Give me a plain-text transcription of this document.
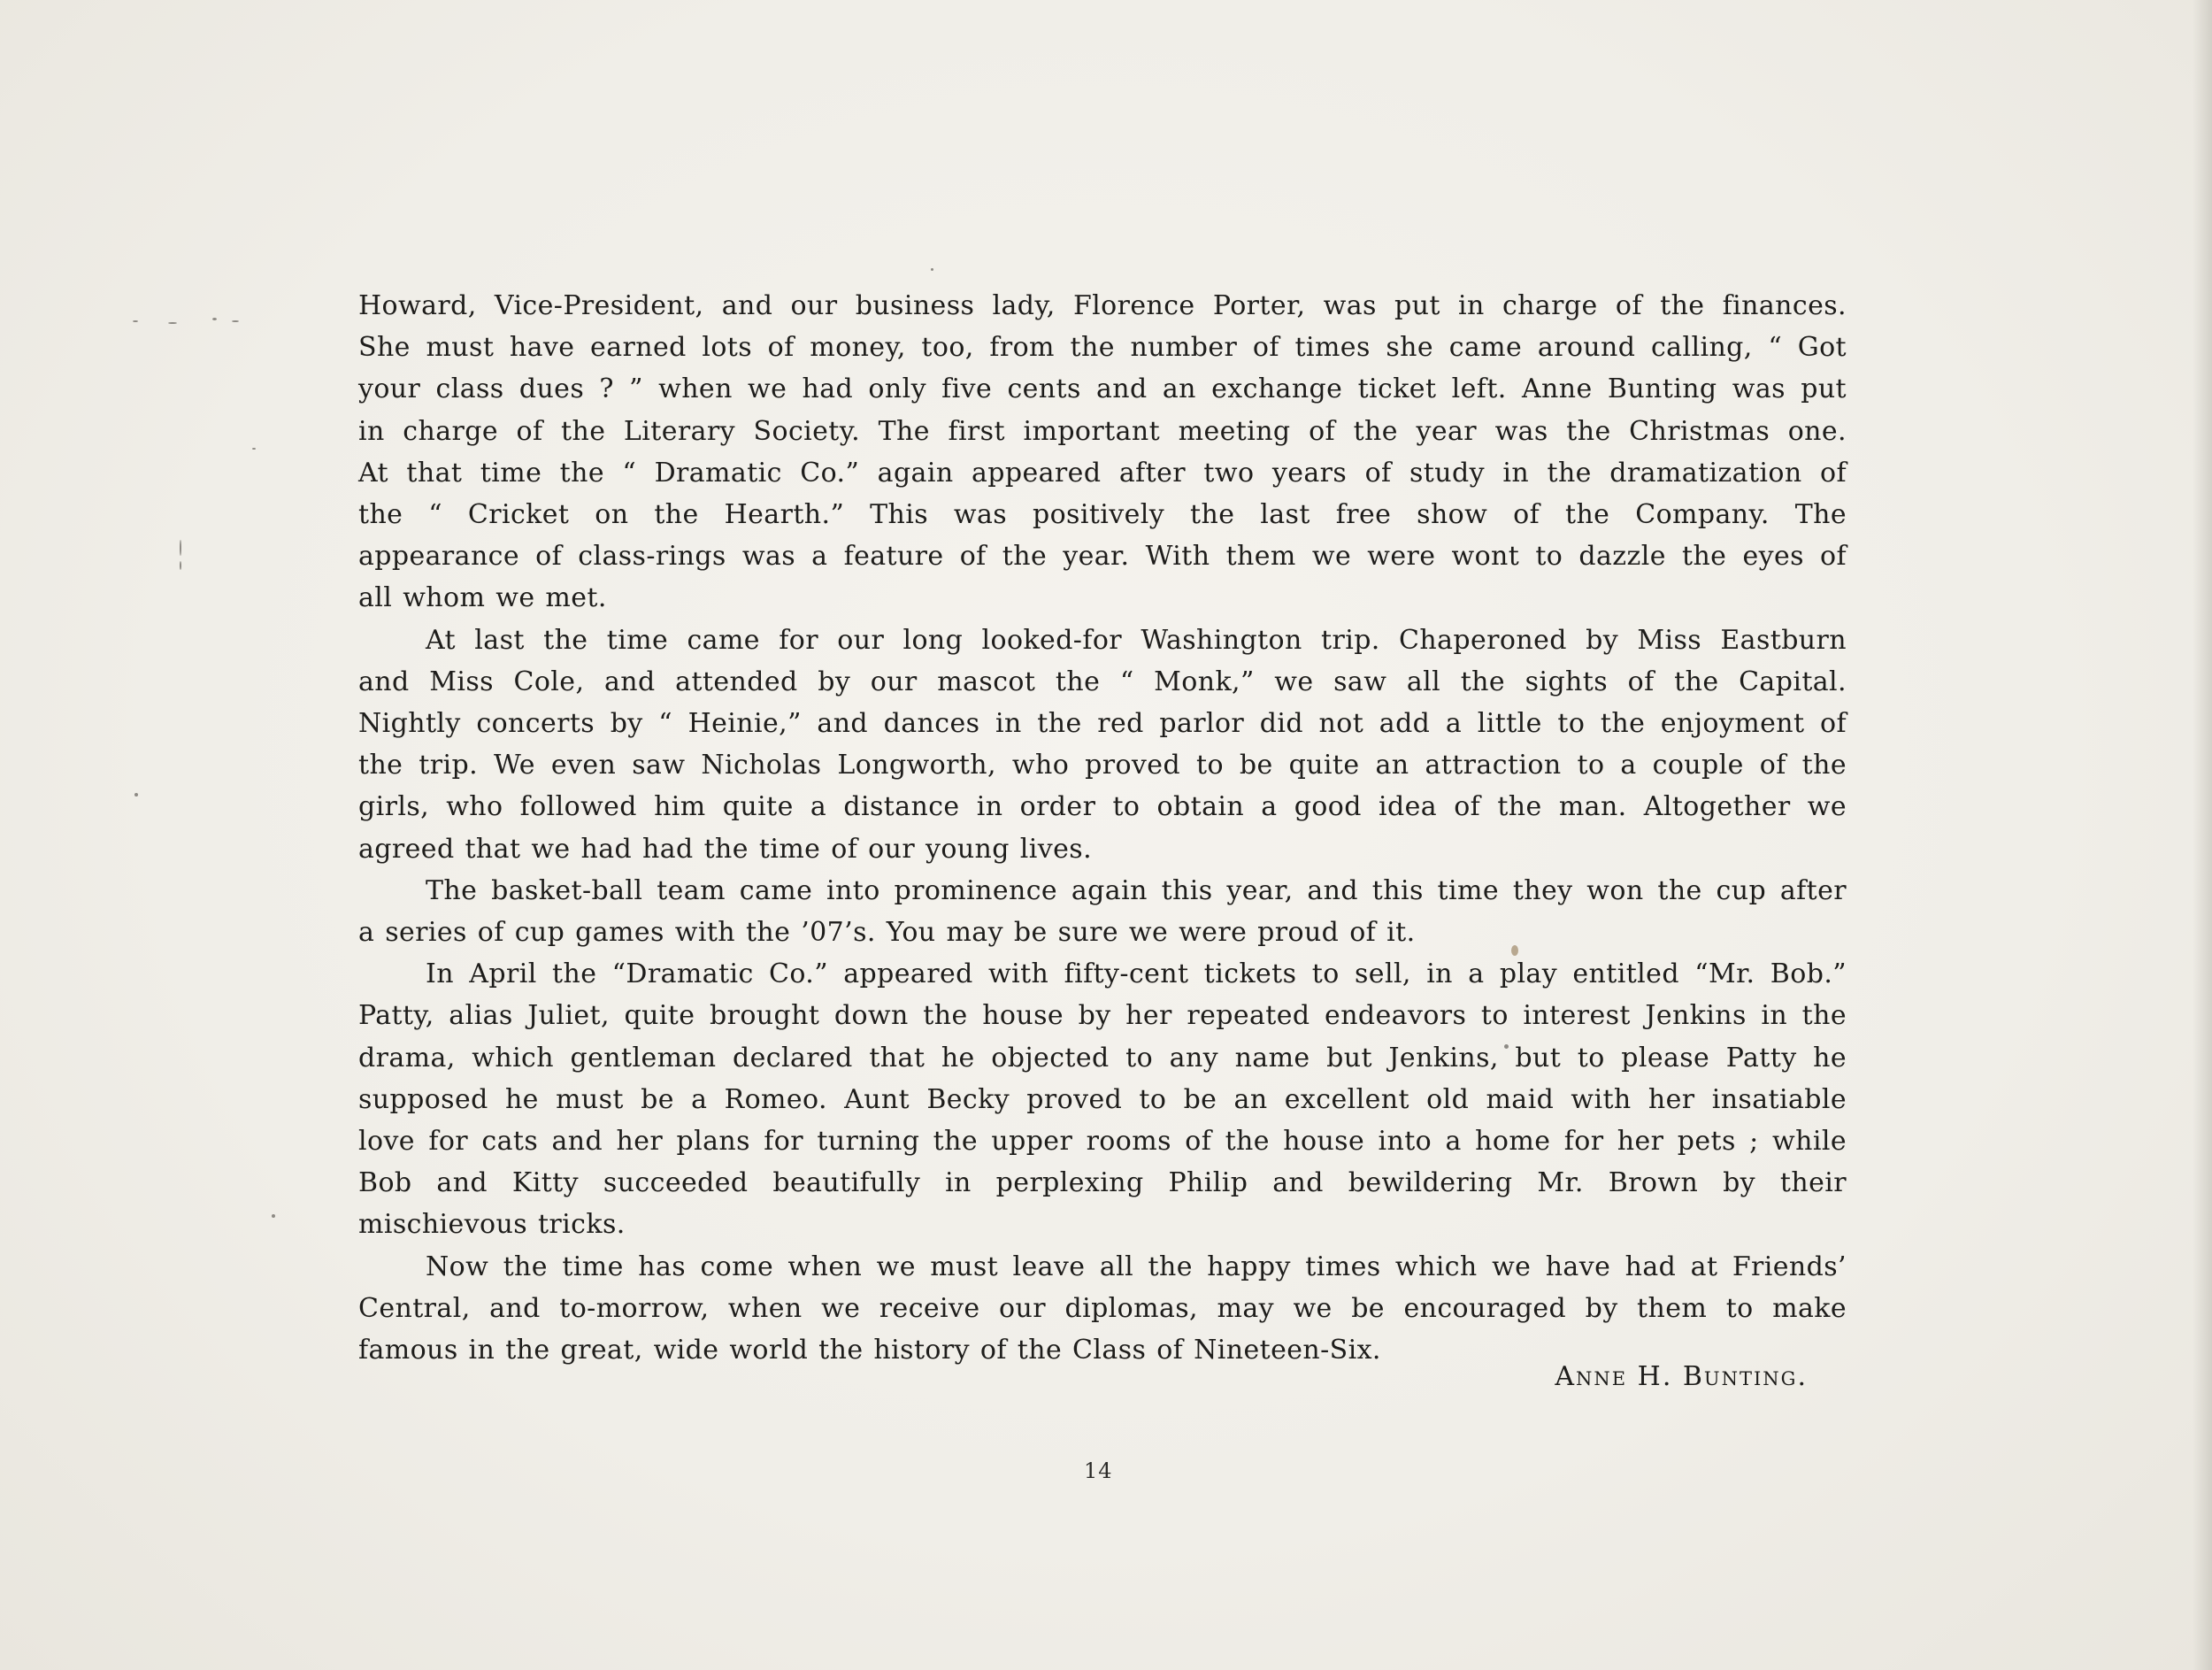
Howard, Vice-President, and our business lady, Florence Porter, was put in charge of the finances.
She must have earned lots of money, too, from the number of times she came around calling, “ Got
your class dues ? ” when we had only five cents and an exchange ticket left. Anne Bunting was put
in charge of the Literary Society. The first important meeting of the year was the Christmas one.
At that time the “ Dramatic Co.” again appeared after two years of study in the dramatization of
the “ Cricket on the Hearth.” This was positively the last free show of the Company. The
appearance of class-rings was a feature of the year. With them we were wont to dazzle the eyes of
all whom we met.

At last the time came for our long looked-for Washington trip. Chaperoned by Miss Eastburn
and Miss Cole, and attended by our mascot the “ Monk,” we saw all the sights of the Capital.
Nightly concerts by “ Heinie,” and dances in the red parlor did not add a little to the enjoyment of
the trip. We even saw Nicholas Longworth, who proved to be quite an attraction to a couple of the
girls, who followed him quite a distance in order to obtain a good idea of the man. Altogether we
agreed that we had had the time of our young lives.

The basket-ball team came into prominence again this year, and this time they won the cup after
a series of cup games with the ’07’s. You may be sure we were proud of it.

In April the “Dramatic Co.” appeared with fifty-cent tickets to sell, in a play entitled “Mr. Bob.”
Patty, alias Juliet, quite brought down the house by her repeated endeavors to interest Jenkins in the
drama, which gentleman declared that he objected to any name but Jenkins, but to please Patty he
supposed he must be a Romeo. Aunt Becky proved to be an excellent old maid with her insatiable
love for cats and her plans for turning the upper rooms of the house into a home for her pets ; while
Bob and Kitty succeeded beautifully in perplexing Philip and bewildering Mr. Brown by their
mischievous tricks.

Now the time has come when we must leave all the happy times which we have had at Friends’
Central, and to-morrow, when we receive our diplomas, may we be encouraged by them to make
famous in the great, wide world the history of the Class of Nineteen-Six.

Anne H. Bunting.
14
